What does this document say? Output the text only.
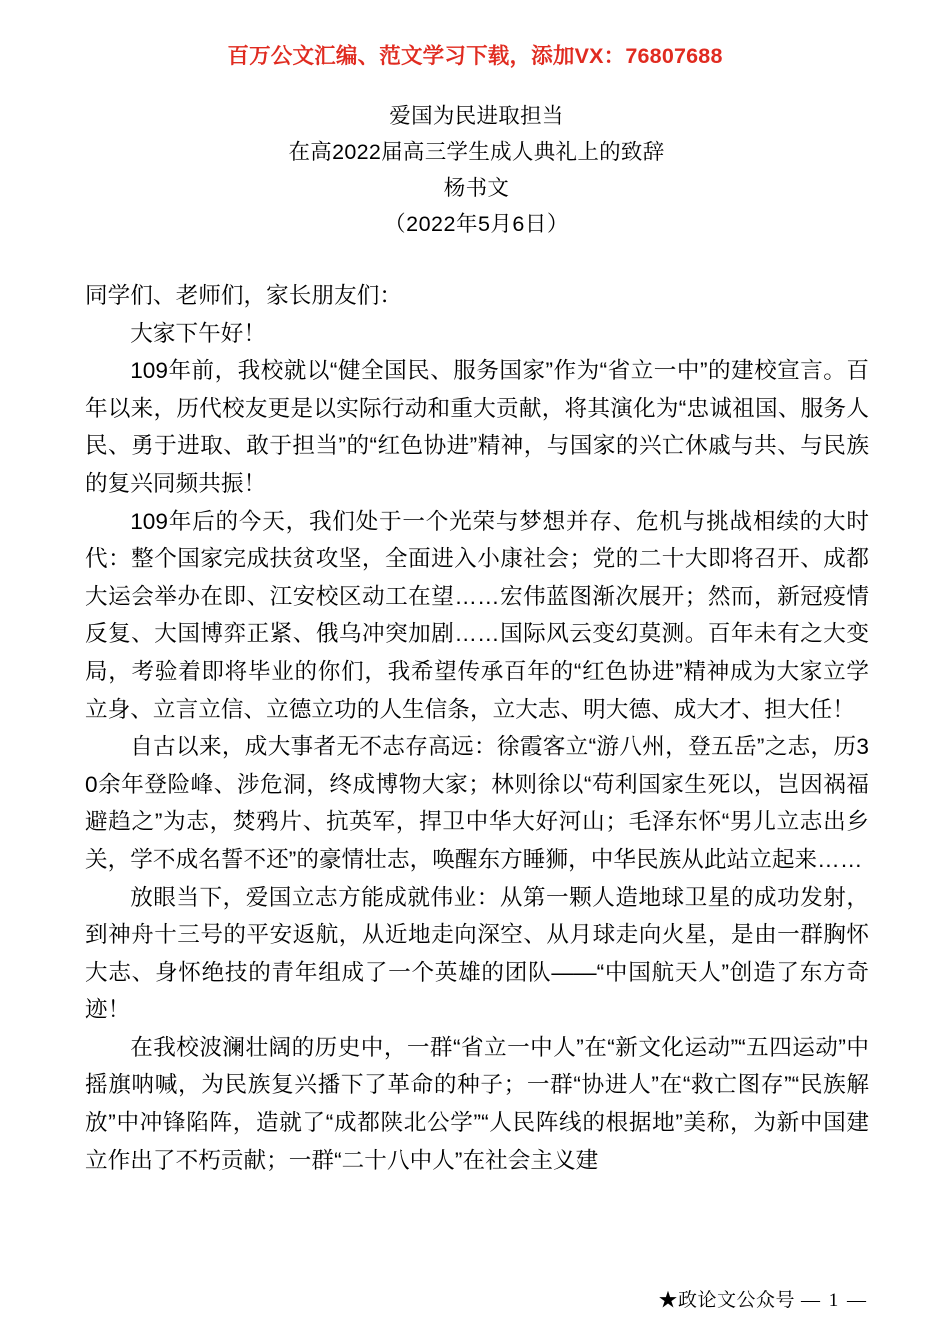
百万公文汇编、范文学习下载，添加VX：76807688
爱国为民进取担当
在高2022届高三学生成人典礼上的致辞
杨书文
（2022年5月6日）

同学们、老师们，家长朋友们：

大家下午好！

109年前，我校就以“健全国民、服务国家”作为“省立一中”的建校宣言。百年以来，历代校友更是以实际行动和重大贡献，将其演化为“忠诚祖国、服务人民、勇于进取、敢于担当”的“红色协进”精神，与国家的兴亡休戚与共、与民族的复兴同频共振！

109年后的今天，我们处于一个光荣与梦想并存、危机与挑战相续的大时代：整个国家完成扶贫攻坚，全面进入小康社会；党的二十大即将召开、成都大运会举办在即、江安校区动工在望……宏伟蓝图渐次展开；然而，新冠疫情反复、大国博弈正紧、俄乌冲突加剧……国际风云变幻莫测。百年未有之大变局，考验着即将毕业的你们，我希望传承百年的“红色协进”精神成为大家立学立身、立言立信、立德立功的人生信条，立大志、明大德、成大才、担大任！

自古以来，成大事者无不志存高远：徐霞客立“游八州，登五岳”之志，历30余年登险峰、涉危洞，终成博物大家；林则徐以“苟利国家生死以，岂因祸福避趋之”为志，焚鸦片、抗英军，捍卫中华大好河山；毛泽东怀“男儿立志出乡关，学不成名誓不还”的豪情壮志，唤醒东方睡狮，中华民族从此站立起来……

放眼当下，爱国立志方能成就伟业：从第一颗人造地球卫星的成功发射，到神舟十三号的平安返航，从近地走向深空、从月球走向火星，是由一群胸怀大志、身怀绝技的青年组成了一个英雄的团队——“中国航天人”创造了东方奇迹！

在我校波澜壮阔的历史中，一群“省立一中人”在“新文化运动”“五四运动”中摇旗呐喊，为民族复兴播下了革命的种子；一群“协进人”在“救亡图存”“民族解放”中冲锋陷阵，造就了“成都陕北公学”“人民阵线的根据地”美称，为新中国建立作出了不朽贡献；一群“二十八中人”在社会主义建

★政论文公众号 — 1 —
